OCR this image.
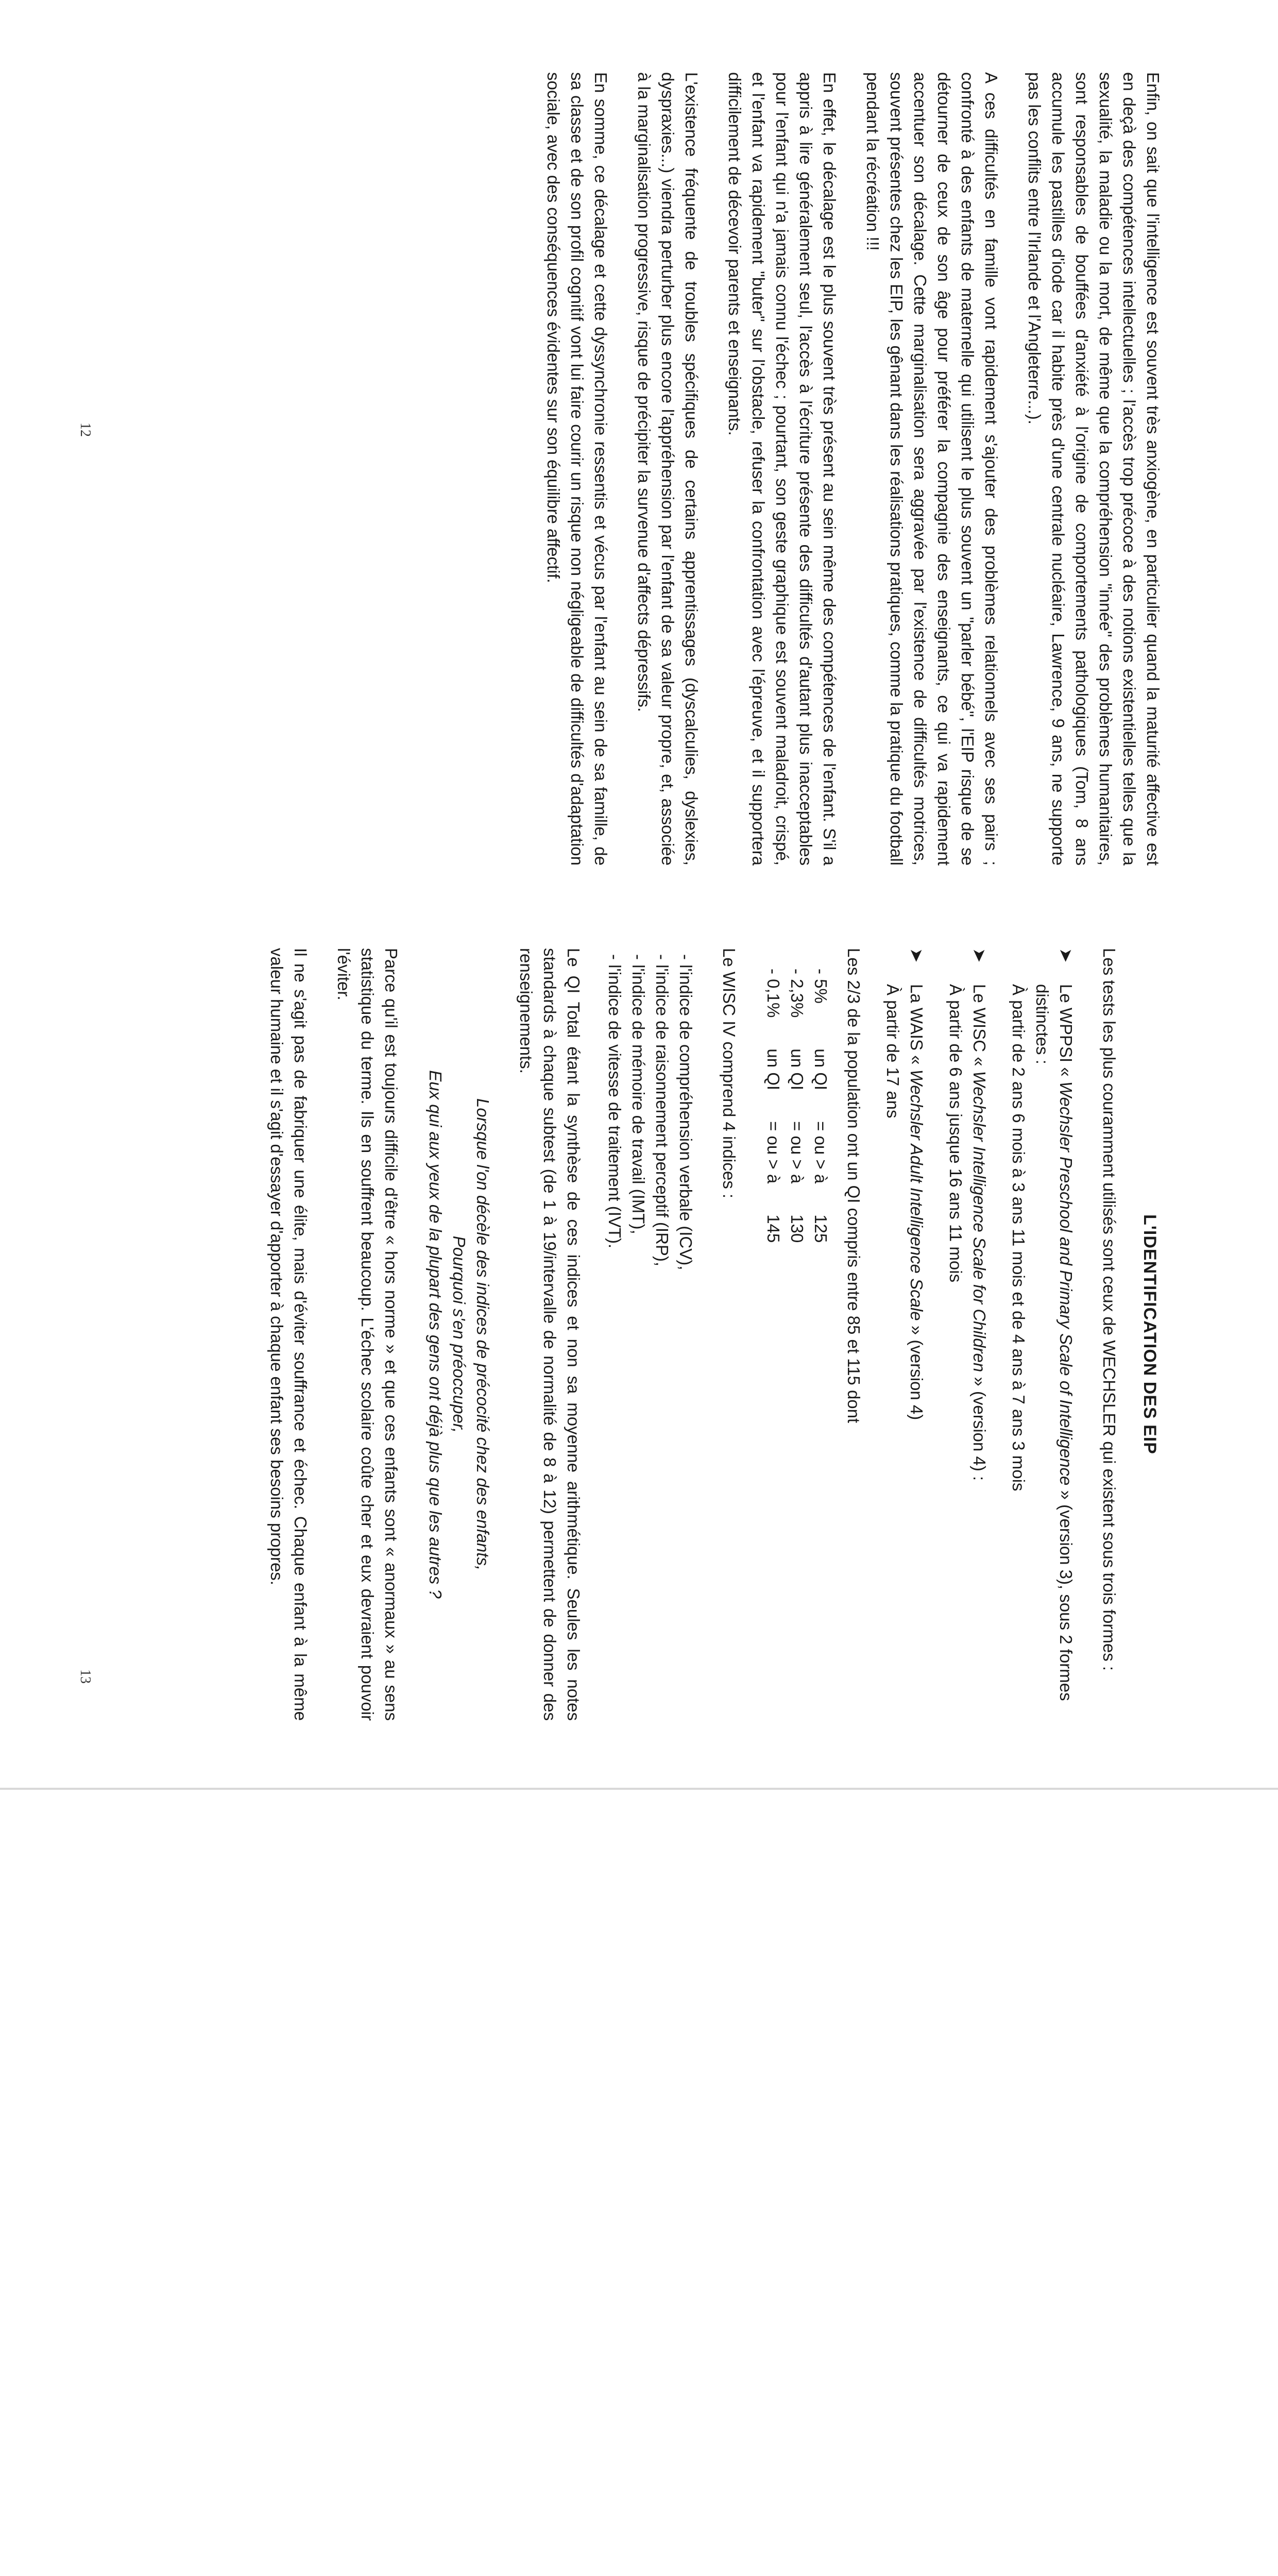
Enfin, on sait que l'intelligence est souvent très anxiogène, en particulier quand la maturité affective est en deçà des compétences intellectuelles ; l'accès trop précoce à des notions existentielles telles que la sexualité, la maladie ou la mort, de même que la compréhension "innée" des problèmes humanitaires, sont responsables de bouffées d'anxiété à l'origine de comportements pathologiques (Tom, 8 ans accumule les pastilles d'iode car il habite près d'une centrale nucléaire, Lawrence, 9 ans, ne supporte pas les conflits entre l'Irlande et l'Angleterre...).

A ces difficultés en famille vont rapidement s'ajouter des problèmes relationnels avec ses pairs ; confronté à des enfants de maternelle qui utilisent le plus souvent un "parler bébé", l'EIP risque de se détourner de ceux de son âge pour préférer la compagnie des enseignants, ce qui va rapidement accentuer son décalage. Cette marginalisation sera aggravée par l'existence de difficultés motrices, souvent présentes chez les EIP, les gênant dans les réalisations pratiques, comme la pratique du football pendant la récréation !!!

En effet, le décalage est le plus souvent très présent au sein même des compétences de l'enfant. S'il a appris à lire généralement seul, l'accès à l'écriture présente des difficultés d'autant plus inacceptables pour l'enfant qui n'a jamais connu l'échec ; pourtant, son geste graphique est souvent maladroit, crispé, et l'enfant va rapidement "buter" sur l'obstacle, refuser la confrontation avec l'épreuve, et il supportera difficilement de décevoir parents et enseignants.

L'existence fréquente de troubles spécifiques de certains apprentissages (dyscalculies, dyslexies, dyspraxies...) viendra perturber plus encore l'appréhension par l'enfant de sa valeur propre, et, associée à la marginalisation progressive, risque de précipiter la survenue d'affects dépressifs.

En somme, ce décalage et cette dyssynchronie ressentis et vécus par l'enfant au sein de sa famille, de sa classe et de son profil cognitif vont lui faire courir un risque non négligeable de difficultés d'adaptation sociale, avec des conséquences évidentes sur son équilibre affectif.

12
L'IDENTIFICATION DES EIP

Les tests les plus couramment utilisés sont ceux de WECHSLER qui existent sous trois formes :

➤
Le WPPSI « Wechsler Preschool and Primary Scale of Intelligence » (version 3), sous 2 formes distinctes :
À partir de 2 ans 6 mois à 3 ans 11 mois et de 4 ans à 7 ans 3 mois
➤
Le WISC « Wechsler Intelligence Scale for Children » (version 4) :
À partir de 6 ans jusque 16 ans 11 mois
➤
La WAIS « Wechsler Adult Intelligence Scale » (version 4)
À partir de 17 ans

Les 2/3 de la population ont un QI compris entre 85 et 115 dont

- 5%	un QI	= ou > à	125
- 2,3%	un QI	= ou > à	130
- 0,1%	un QI	= ou > à	145

Le WISC IV comprend 4 indices :

- l'indice de compréhension verbale (ICV),
- l'indice de raisonnement perceptif (IRP),
- l'indice de mémoire de travail (IMT),
- l'indice de vitesse de traitement (IVT).

Le QI Total étant la synthèse de ces indices et non sa moyenne arithmétique. Seules les notes standards à chaque subtest (de 1 à 19/intervalle de normalité de 8 à 12) permettent de donner des renseignements.

Lorsque l'on décèle des indices de précocité chez des enfants,
Pourquoi s'en préoccuper,
Eux qui aux yeux de la plupart des gens ont déjà plus que les autres ?

Parce qu'il est toujours difficile d'être « hors norme » et que ces enfants sont « anormaux » au sens statistique du terme. Ils en souffrent beaucoup. L'échec scolaire coûte cher et eux devraient pouvoir l'éviter.

Il ne s'agit pas de fabriquer une élite, mais d'éviter souffrance et échec. Chaque enfant à la même valeur humaine et il s'agit d'essayer d'apporter à chaque enfant ses besoins propres.

13
